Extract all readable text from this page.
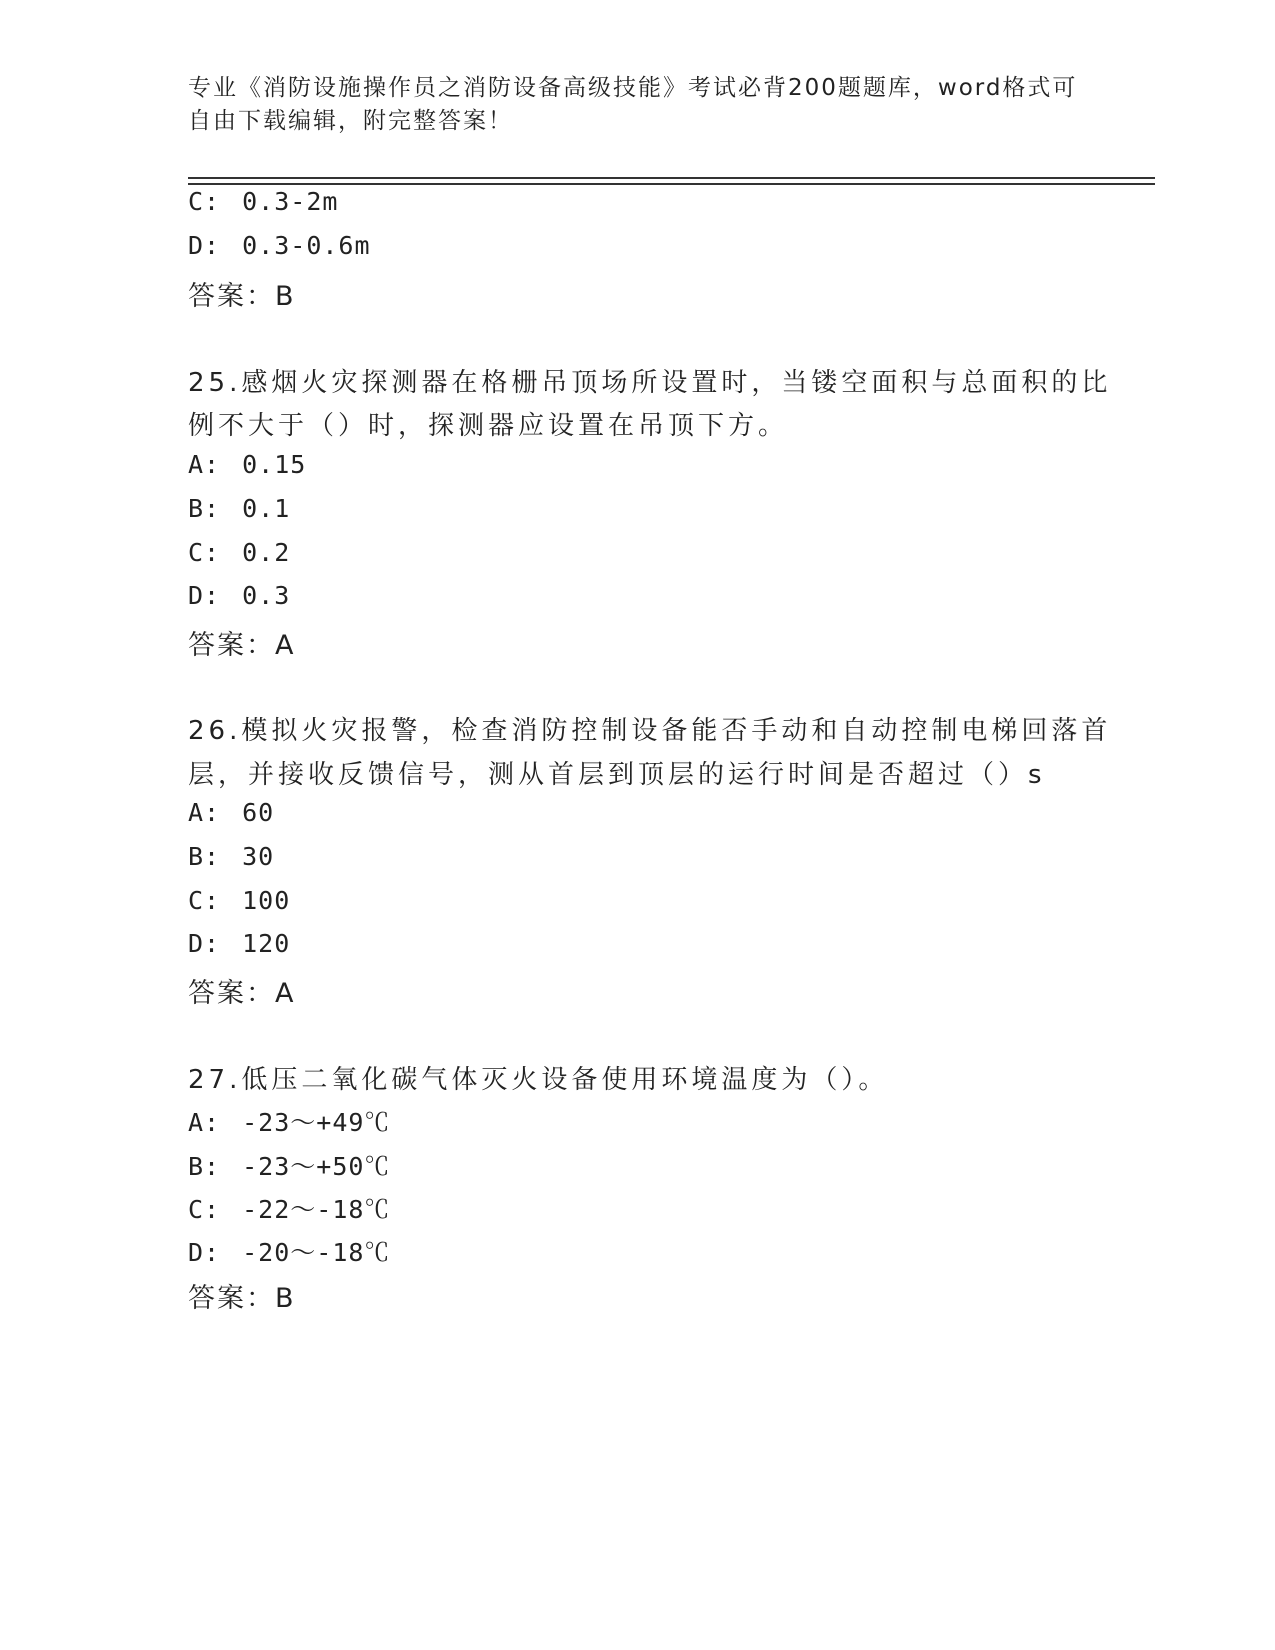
专业《消防设施操作员之消防设备高级技能》考试必背200题题库，word格式可
自由下载编辑，附完整答案！
C: 0.3-2m
D: 0.3-0.6m
答案：B
25.感烟火灾探测器在格栅吊顶场所设置时，当镂空面积与总面积的比
例不大于（）时，探测器应设置在吊顶下方。
A: 0.15
B: 0.1
C: 0.2
D: 0.3
答案：A
26.模拟火灾报警，检查消防控制设备能否手动和自动控制电梯回落首
层，并接收反馈信号，测从首层到顶层的运行时间是否超过（）s
A: 60
B: 30
C: 100
D: 120
答案：A
27.低压二氧化碳气体灭火设备使用环境温度为（）。
A: -23～+49℃
B: -23～+50℃
C: -22～-18℃
D: -20～-18℃
答案：B
